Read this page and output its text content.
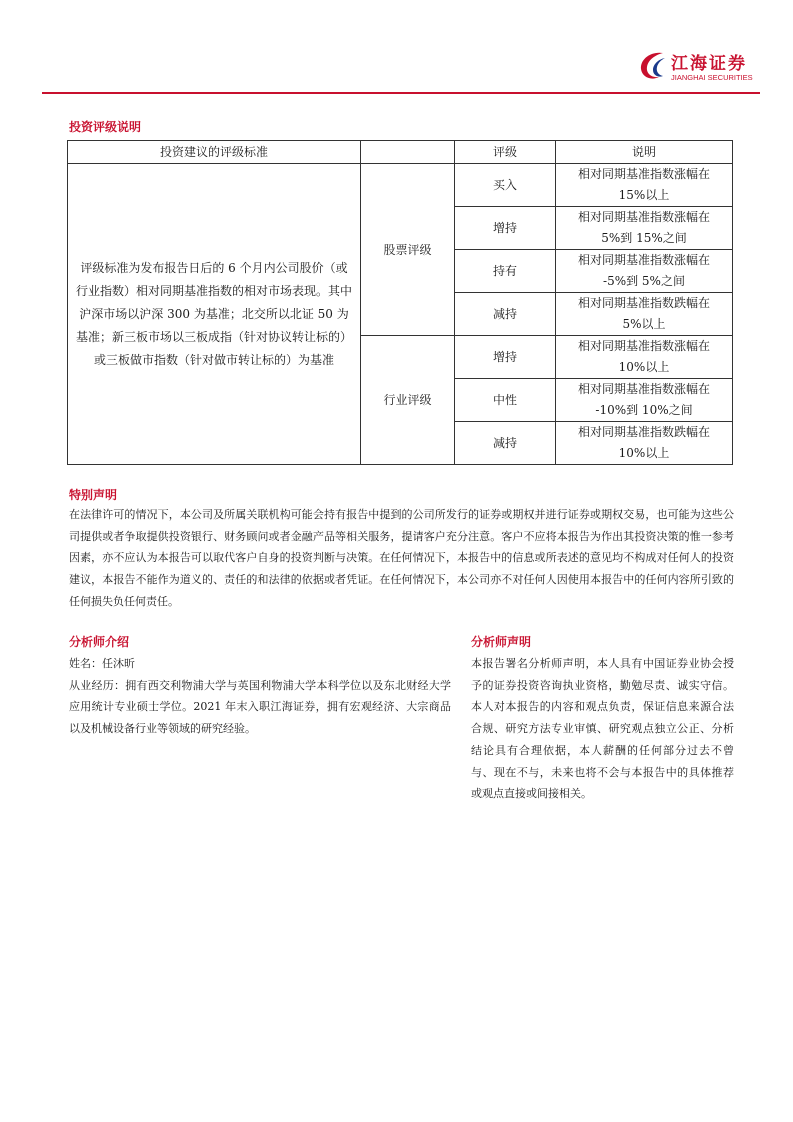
江海证券
JIANGHAI SECURITIES
投资评级说明
投资建议的评级标准		评级	说明
评级标准为发布报告日后的 6 个月内公司股价（或行业指数）相对同期基准指数的相对市场表现。其中沪深市场以沪深 300 为基准；北交所以北证 50 为基准；新三板市场以三板成指（针对协议转让标的）或三板做市指数（针对做市转让标的）为基准	股票评级	买入	相对同期基准指数涨幅在
15%以上

		增持	相对同期基准指数涨幅在
5%到 15%之间

		持有	相对同期基准指数涨幅在
-5%到 5%之间

		减持	相对同期基准指数跌幅在
5%以上

	行业评级	增持	相对同期基准指数涨幅在
10%以上

		中性	相对同期基准指数涨幅在
-10%到 10%之间

		减持	相对同期基准指数跌幅在
10%以上
特别声明
在法律许可的情况下，本公司及所属关联机构可能会持有报告中提到的公司所发行的证券或期权并进行证券或期权交易，也可能为这些公司提供或者争取提供投资银行、财务顾问或者金融产品等相关服务，提请客户充分注意。客户不应将本报告为作出其投资决策的惟一参考因素，亦不应认为本报告可以取代客户自身的投资判断与决策。在任何情况下，本报告中的信息或所表述的意见均不构成对任何人的投资建议，本报告不能作为道义的、责任的和法律的依据或者凭证。在任何情况下，本公司亦不对任何人因使用本报告中的任何内容所引致的任何损失负任何责任。
分析师介绍
姓名：任沐昕
从业经历：拥有西交利物浦大学与英国利物浦大学本科学位以及东北财经大学应用统计专业硕士学位。2021 年末入职江海证券，拥有宏观经济、大宗商品以及机械设备行业等领域的研究经验。
分析师声明
本报告署名分析师声明，本人具有中国证券业协会授予的证券投资咨询执业资格，勤勉尽责、诚实守信。本人对本报告的内容和观点负责，保证信息来源合法合规、研究方法专业审慎、研究观点独立公正、分析结论具有合理依据，本人薪酬的任何部分过去不曾与、现在不与，未来也将不会与本报告中的具体推荐或观点直接或间接相关。
